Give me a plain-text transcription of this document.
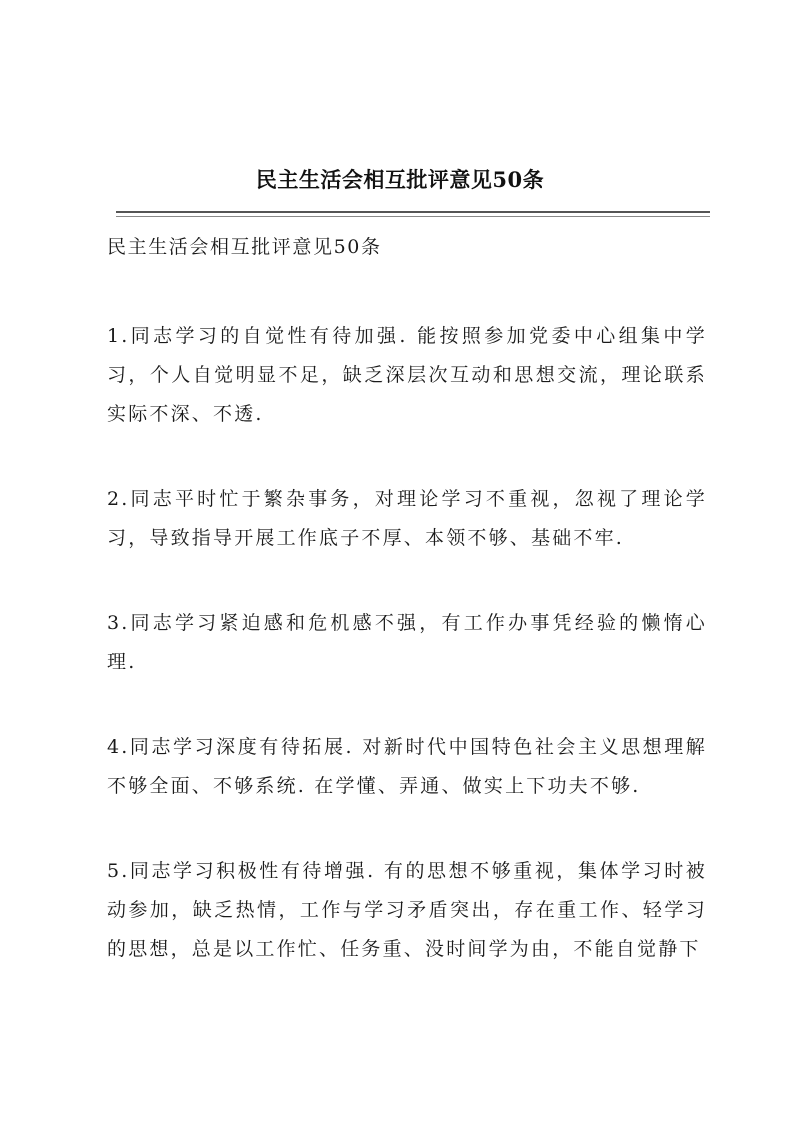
民主生活会相互批评意见50条

民主生活会相互批评意见50条

1.同志学习的自觉性有待加强. 能按照参加党委中心组集中学习，个人自觉明显不足，缺乏深层次互动和思想交流，理论联系实际不深、不透.

2.同志平时忙于繁杂事务，对理论学习不重视，忽视了理论学习，导致指导开展工作底子不厚、本领不够、基础不牢.

3.同志学习紧迫感和危机感不强，有工作办事凭经验的懒惰心理.

4.同志学习深度有待拓展. 对新时代中国特色社会主义思想理解不够全面、不够系统. 在学懂、弄通、做实上下功夫不够.

5.同志学习积极性有待增强. 有的思想不够重视，集体学习时被动参加，缺乏热情，工作与学习矛盾突出，存在重工作、轻学习的思想，总是以工作忙、任务重、没时间学为由，不能自觉静下
